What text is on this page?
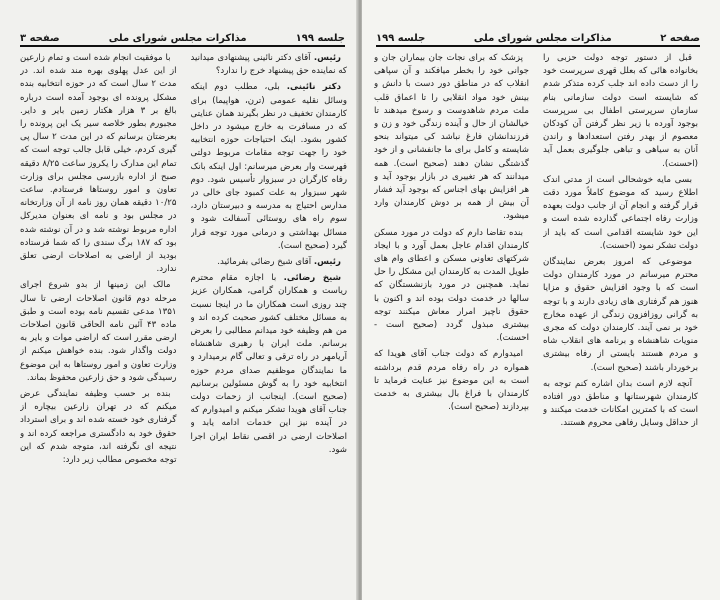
جلسه ۱۹۹
مذاکرات مجلس شورای ملی
صفحه ۳

رئیس. آقای دکتر نائینی پیشنهادی میدانید که نماینده حق پیشنهاد خرج را ندارد؟

دکتر نائینی. بلی، مطلب دوم اینکه وسائل نقلیه عمومی (ترن، هواپیما) برای کارمندان تخفیف در نظر بگیرند همان عنایتی که در مسافرت به خارج میشود در داخل کشور بشود. اینک احتیاجات حوزه انتخابیه خود را جهت توجه مقامات مربوط دولتی فهرست وار بعرض میرسانم: اول اینکه بانک رفاه کارگران در سبزوار تأسیس شود. دوم شهر سبزوار به علت کمبود جای خالی در مدارس احتیاج به مدرسه و دبیرستان دارد، سوم راه های روستائی آسفالت شود و مسائل بهداشتی و درمانی مورد توجه قرار گیرد (صحیح است).

رئیس. آقای شیخ رضائی بفرمائید.

شیخ رضائی. با اجازه مقام محترم ریاست و همکاران گرامی، همکاران عزیز چند روزی است همکاران ما در اینجا نسبت به مسائل مختلف کشور صحبت کرده اند و من هم وظیفه خود میدانم مطالبی را بعرض برسانم. ملت ایران با رهبری شاهنشاه آریامهر در راه ترقی و تعالی گام برمیدارد و ما نمایندگان موظفیم صدای مردم حوزه انتخابیه خود را به گوش مسئولین برسانیم (صحیح است). اینجانب از زحمات دولت جناب آقای هویدا تشکر میکنم و امیدوارم که در آینده نیز این خدمات ادامه یابد و اصلاحات ارضی در اقصی نقاط ایران اجرا شود.

با موفقیت انجام شده است و تمام زارعین از این عدل پهلوی بهره مند شده اند. در مدت ۲ سال است که در حوزه انتخابیه بنده مشکل پرونده ای بوجود آمده است درباره بالغ بر ۳ هزار هکتار زمین بایر و دایر. مجبورم بطور خلاصه سیر یک این پرونده را بعرضتان برسانم که در این مدت ۲ سال پی گیری کردم، خیلی قابل جالب توجه است که تمام این مدارک را یکروز ساعت ۸/۲۵ دقیقه صبح از اداره بازرسی مجلس برای وزارت تعاون و امور روستاها فرستادم. ساعت ۱۰/۲۵ دقیقه همان روز نامه از آن وزارتخانه در مجلس بود و نامه ای بعنوان مدیرکل اداره مربوط نوشته شد و در آن نوشته شده بود که ۱۸۷ برگ سندی را که شما فرستاده بودید از اراضی به اصلاحات ارضی تعلق ندارد.

مالک این زمینها از بدو شروع اجرای مرحله دوم قانون اصلاحات ارضی تا سال ۱۳۵۱ مدعی تقسیم نامه بوده است و طبق ماده ۴۳ آئین نامه الحاقی قانون اصلاحات ارضی مقرر است که اراضی موات و بایر به دولت واگذار شود. بنده خواهش میکنم از وزارت تعاون و امور روستاها به این موضوع رسیدگی شود و حق زارعین محفوظ بماند.

بنده بر حسب وظیفه نمایندگی عرض میکنم که در تهران زارعین بیچاره از گرفتاری خود خسته شده اند و برای استرداد حقوق خود به دادگستری مراجعه کرده اند و نتیجه ای نگرفته اند، متوجه شدم که این توجه مخصوص مطالب زیر دارد:

صفحه ۲
مذاکرات مجلس شورای ملی
جلسه ۱۹۹

قبل از دستور توجه دولت حزبی را بخانواده هائی که بعلل قهری سرپرست خود را از دست داده اند جلب کرده متذکر شدم که شایسته است دولت سازمانی بنام سازمان سرپرستی اطفال بی سرپرست بوجود آورده با زیر نظر گرفتن آن کودکان معصوم از بهدر رفتن استعدادها و راندن آنان به سیاهی و تباهی جلوگیری بعمل آید (احسنت).

بسی مایه خوشحالی است از مدتی اندک اطلاع رسید که موضوع کاملاً مورد دقت قرار گرفته و انجام آن از جانب دولت بعهده وزارت رفاه اجتماعی گذارده شده است و این خود شایسته اقدامی است که باید از دولت تشکر نمود (احسنت).

موضوعی که امروز بعرض نمایندگان محترم میرسانم در مورد کارمندان دولت است که با وجود افزایش حقوق و مزایا هنوز هم گرفتاری های زیادی دارند و با توجه به گرانی روزافزون زندگی از عهده مخارج خود بر نمی آیند. کارمندان دولت که مجری منویات شاهنشاه و برنامه های انقلاب شاه و مردم هستند بایستی از رفاه بیشتری برخوردار باشند (صحیح است).

آنچه لازم است بدان اشاره کنم توجه به کارمندان شهرستانها و مناطق دور افتاده است که با کمترین امکانات خدمت میکنند و از حداقل وسایل رفاهی محروم هستند.

پزشک که برای نجات جان بیماران جان و جوانی خود را بخطر میافکند و آن سپاهی انقلاب که در مناطق دور دست با دانش و بینش خود مواد انقلابی را تا اعماق قلب ملت مردم شاهدوست و رسوخ میدهند تا خیالشان از حال و آینده زندگی خود و زن و فرزندانشان فارغ نباشد کی میتواند بنحو شایسته و کامل برای ما جانفشانی و از خود گذشتگی نشان دهند (صحیح است). همه میدانند که هر تغییری در بازار بوجود آید و هر افزایش بهای اجناس که بوجود آید فشار آن بیش از همه بر دوش کارمندان وارد میشود.

بنده تقاضا دارم که دولت در مورد مسکن کارمندان اقدام عاجل بعمل آورد و با ایجاد شرکتهای تعاونی مسکن و اعطای وام های طویل المدت به کارمندان این مشکل را حل نماید. همچنین در مورد بازنشستگان که سالها در خدمت دولت بوده اند و اکنون با حقوق ناچیز امرار معاش میکنند توجه بیشتری مبذول گردد (صحیح است - احسنت).

امیدوارم که دولت جناب آقای هویدا که همواره در راه رفاه مردم قدم برداشته است به این موضوع نیز عنایت فرماید تا کارمندان با فراغ بال بیشتری به خدمت بپردازند (صحیح است).
